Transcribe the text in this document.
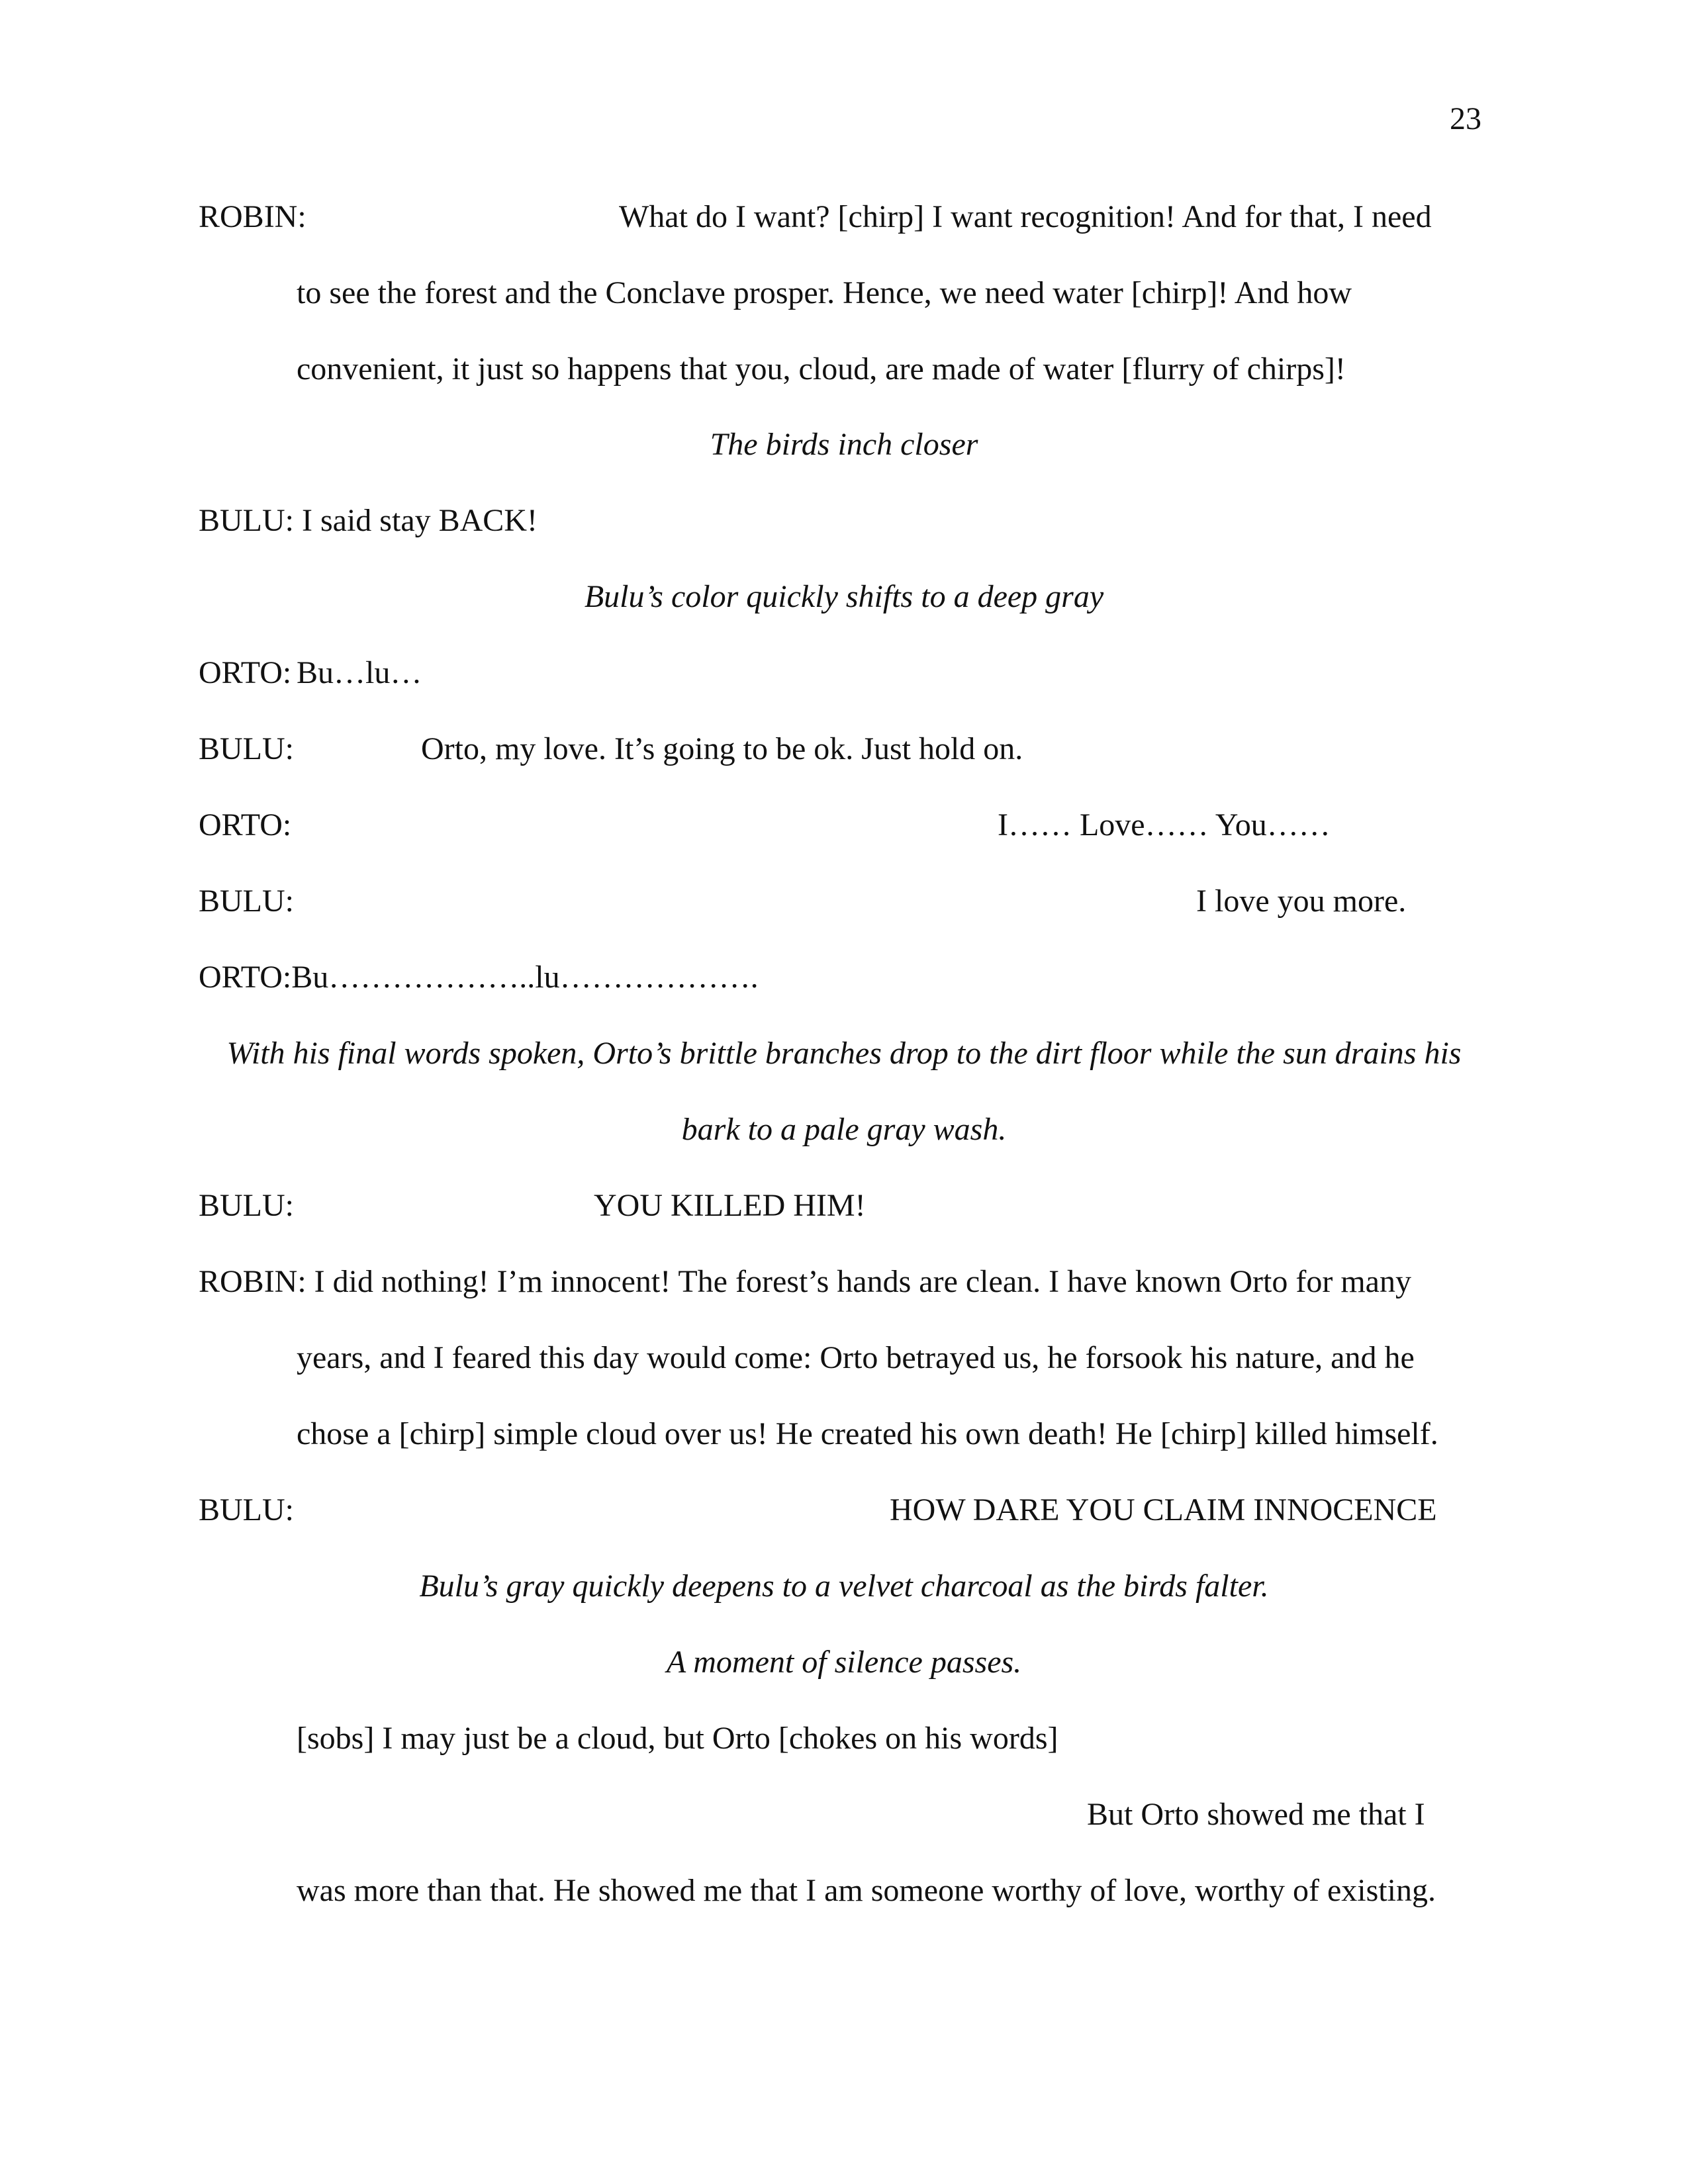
23
ROBIN:	What do I want? [chirp] I want recognition! And for that, I need
to see the forest and the Conclave prosper. Hence, we need water [chirp]! And how
convenient, it just so happens that you, cloud, are made of water [flurry of chirps]!
The birds inch closer
BULU: I said stay BACK!
Bulu’s color quickly shifts to a deep gray
ORTO: Bu…lu…
BULU:	Orto, my love. It’s going to be ok. Just hold on.
ORTO:	I…… Love…… You……
BULU:	I love you more.
ORTO:Bu………………..lu……………….
With his final words spoken, Orto’s brittle branches drop to the dirt floor while the sun drains his
bark to a pale gray wash.
BULU:	YOU KILLED HIM!
ROBIN: I did nothing! I’m innocent! The forest’s hands are clean. I have known Orto for many
years, and I feared this day would come: Orto betrayed us, he forsook his nature, and he
chose a [chirp] simple cloud over us! He created his own death! He [chirp] killed himself.
BULU:	HOW DARE YOU CLAIM INNOCENCE
Bulu’s gray quickly deepens to a velvet charcoal as the birds falter.
A moment of silence passes.
[sobs] I may just be a cloud, but Orto [chokes on his words]
But Orto showed me that I
was more than that. He showed me that I am someone worthy of love, worthy of existing.
